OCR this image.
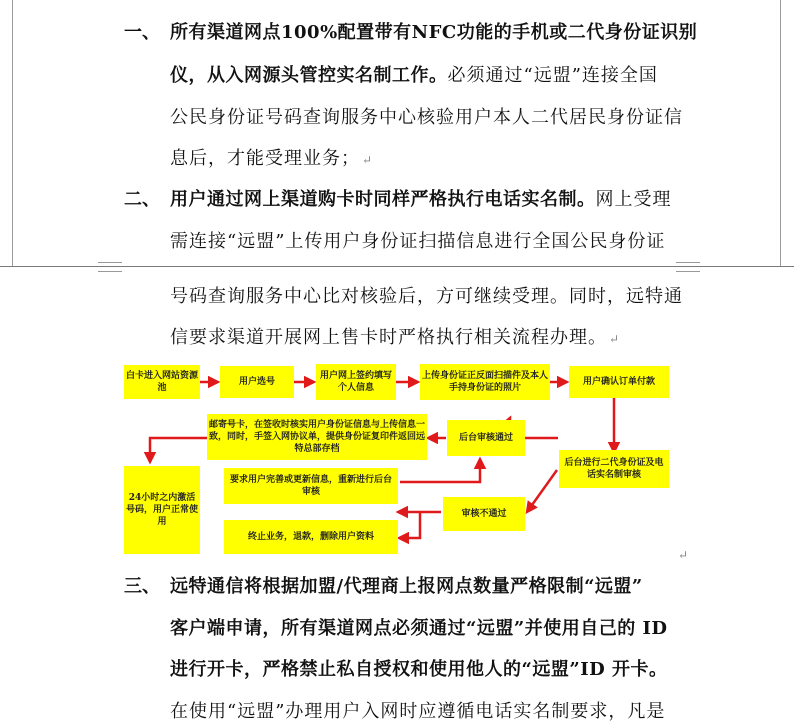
一、 所有渠道网点100%配置带有NFC功能的手机或二代身份证识别
仪，从入网源头管控实名制工作。必须通过“远盟”连接全国
公民身份证号码查询服务中心核验用户本人二代居民身份证信
息后，才能受理业务； ↵
二、 用户通过网上渠道购卡时同样严格执行电话实名制。网上受理
需连接“远盟”上传用户身份证扫描信息进行全国公民身份证
号码查询服务中心比对核验后，方可继续受理。同时，远特通
信要求渠道开展网上售卡时严格执行相关流程办理。 ↵
白卡进入网站资源池
用户选号
用户网上签约填写个人信息
上传身份证正反面扫描件及本人手持身份证的照片
用户确认订单付款
后台进行二代身份证及电话实名制审核
后台审核通过
邮寄号卡，在签收时核实用户身份证信息与上传信息一致，同时，手签入网协议单，提供身份证复印件返回远特总部存档
24小时之内激活号码，用户正常使用
审核不通过
要求用户完善或更新信息，重新进行后台审核
终止业务，退款，删除用户资料
↵
三、 远特通信将根据加盟/代理商上报网点数量严格限制“远盟”
客户端申请，所有渠道网点必须通过“远盟”并使用自己的 ID
进行开卡，严格禁止私自授权和使用他人的“远盟”ID 开卡。
在使用“远盟”办理用户入网时应遵循电话实名制要求，凡是
